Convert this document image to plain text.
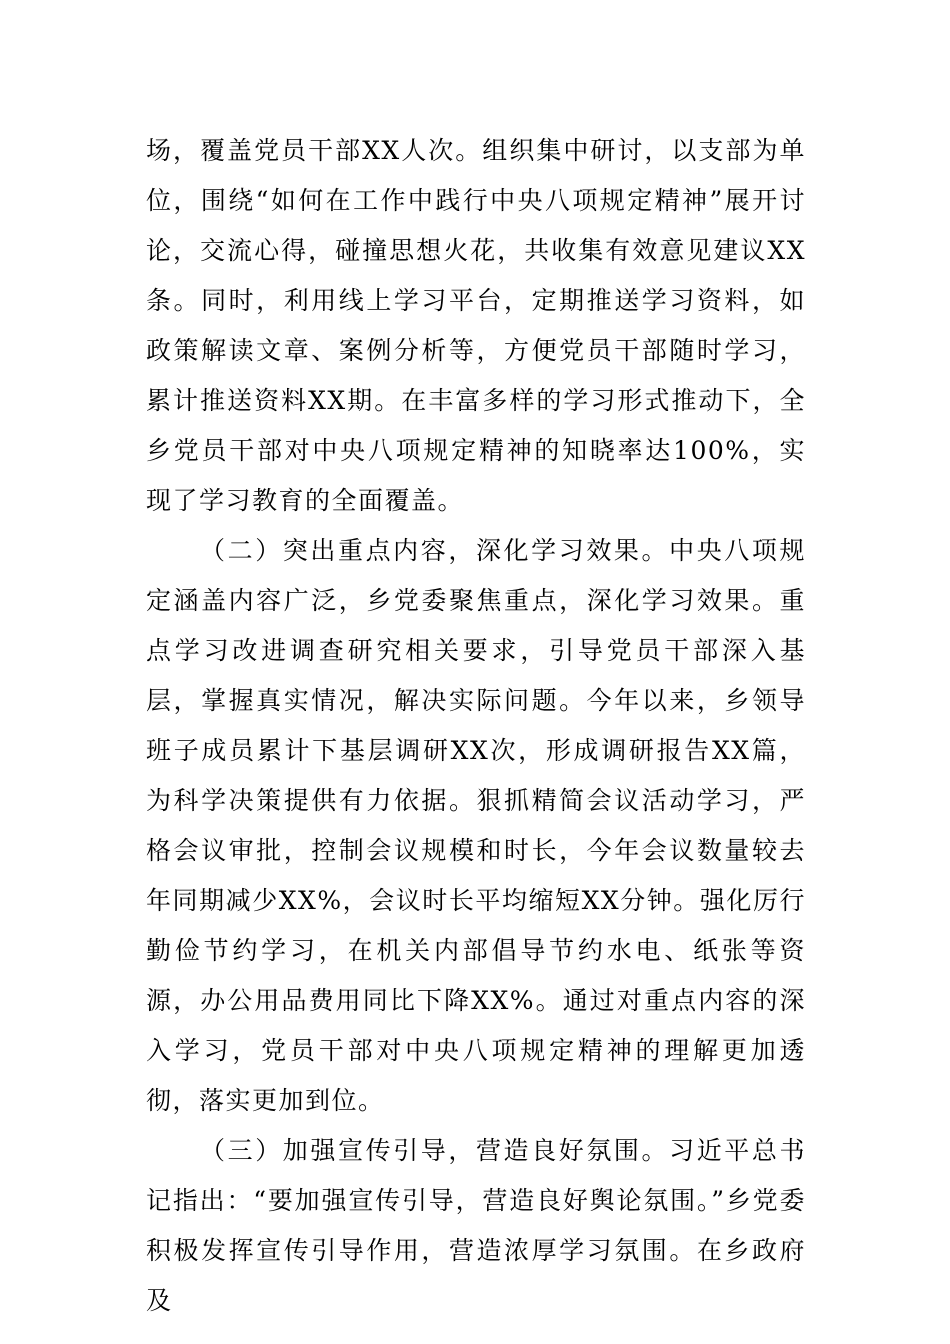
场，覆盖党员干部XX人次。组织集中研讨，以支部为单位，围绕“如何在工作中践行中央八项规定精神”展开讨论，交流心得，碰撞思想火花，共收集有效意见建议XX条。同时，利用线上学习平台，定期推送学习资料，如政策解读文章、案例分析等，方便党员干部随时学习，累计推送资料XX期。在丰富多样的学习形式推动下，全乡党员干部对中央八项规定精神的知晓率达100%，实现了学习教育的全面覆盖。

（二）突出重点内容，深化学习效果。中央八项规定涵盖内容广泛，乡党委聚焦重点，深化学习效果。重点学习改进调查研究相关要求，引导党员干部深入基层，掌握真实情况，解决实际问题。今年以来，乡领导班子成员累计下基层调研XX次，形成调研报告XX篇，为科学决策提供有力依据。狠抓精简会议活动学习，严格会议审批，控制会议规模和时长，今年会议数量较去年同期减少XX%，会议时长平均缩短XX分钟。强化厉行勤俭节约学习，在机关内部倡导节约水电、纸张等资源，办公用品费用同比下降XX%。通过对重点内容的深入学习，党员干部对中央八项规定精神的理解更加透彻，落实更加到位。

（三）加强宣传引导，营造良好氛围。习近平总书记指出：“要加强宣传引导，营造良好舆论氛围。”乡党委积极发挥宣传引导作用，营造浓厚学习氛围。在乡政府及
